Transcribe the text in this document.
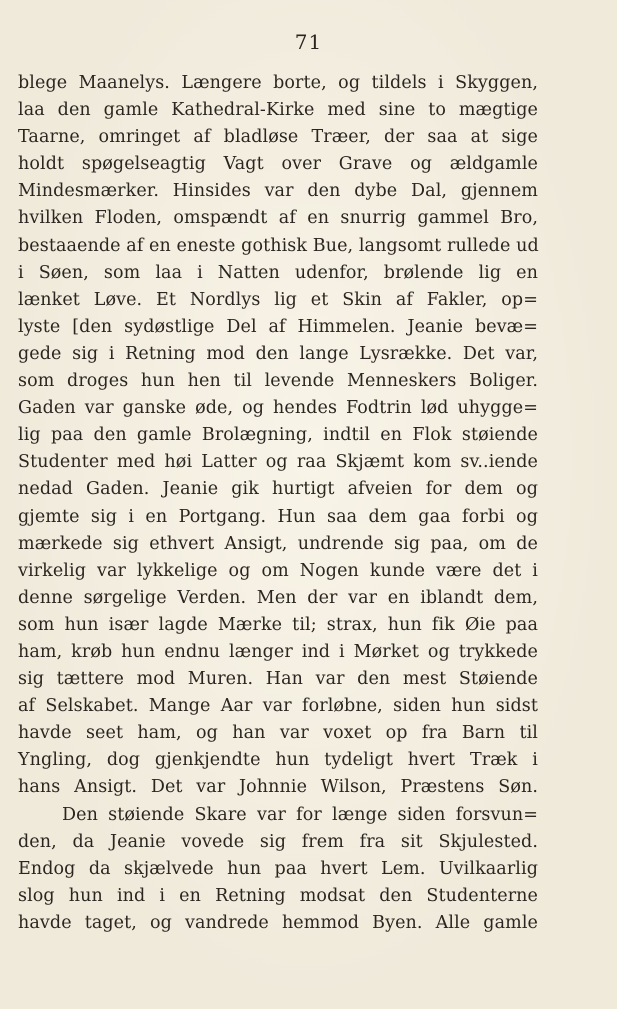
71
blege Maanelys. Længere borte, og tildels i Skyggen,
laa den gamle Kathedral-Kirke med sine to mægtige
Taarne, omringet af bladløse Træer, der saa at sige
holdt spøgelseagtig Vagt over Grave og ældgamle
Mindesmærker. Hinsides var den dybe Dal, gjennem
hvilken Floden, omspændt af en snurrig gammel Bro,
bestaaende af en eneste gothisk Bue, langsomt rullede ud
i Søen, som laa i Natten udenfor, brølende lig en
lænket Løve. Et Nordlys lig et Skin af Fakler, op=
lyste [den sydøstlige Del af Himmelen. Jeanie bevæ=
gede sig i Retning mod den lange Lysrække. Det var,
som droges hun hen til levende Menneskers Boliger.
Gaden var ganske øde, og hendes Fodtrin lød uhygge=
lig paa den gamle Brolægning, indtil en Flok støiende
Studenter med høi Latter og raa Skjæmt kom sv..iende
nedad Gaden. Jeanie gik hurtigt afveien for dem og
gjemte sig i en Portgang. Hun saa dem gaa forbi og
mærkede sig ethvert Ansigt, undrende sig paa, om de
virkelig var lykkelige og om Nogen kunde være det i
denne sørgelige Verden. Men der var en iblandt dem,
som hun især lagde Mærke til; strax, hun fik Øie paa
ham, krøb hun endnu længer ind i Mørket og trykkede
sig tættere mod Muren. Han var den mest Støiende
af Selskabet. Mange Aar var forløbne, siden hun sidst
havde seet ham, og han var voxet op fra Barn til
Yngling, dog gjenkjendte hun tydeligt hvert Træk i
hans Ansigt. Det var Johnnie Wilson, Præstens Søn.
Den støiende Skare var for længe siden forsvun=
den, da Jeanie vovede sig frem fra sit Skjulested.
Endog da skjælvede hun paa hvert Lem. Uvilkaarlig
slog hun ind i en Retning modsat den Studenterne
havde taget, og vandrede hemmod Byen. Alle gamle
